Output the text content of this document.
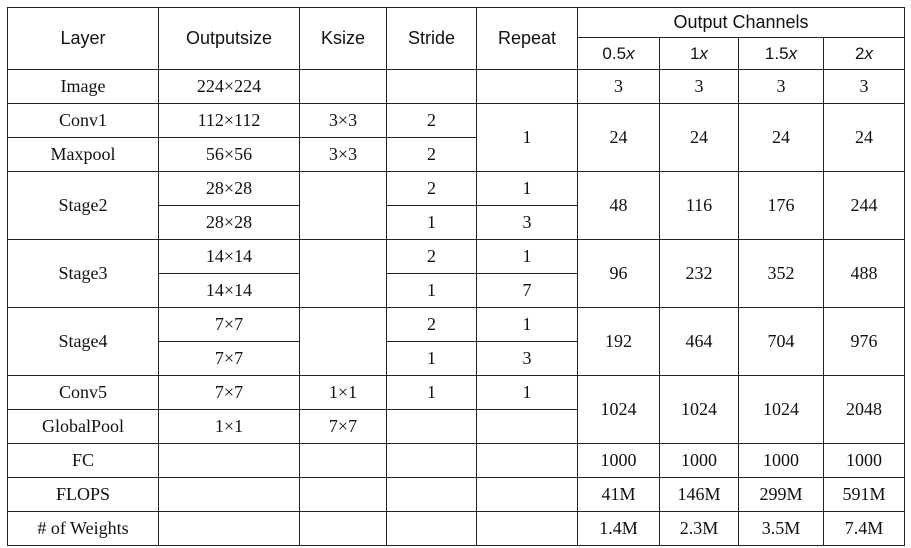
Layer	Outputsize	Ksize	Stride	Repeat	Output Channels			
					0.5x	1x	1.5x	2x
Image	224×224				3	3	3	3
Conv1	112×112	3×3	2	1	24	24	24	24
Maxpool	56×56	3×3	2					
Stage2	28×28		2	1	48	116	176	244
	28×28		1	3				
Stage3	14×14		2	1	96	232	352	488
	14×14		1	7				
Stage4	7×7		2	1	192	464	704	976
	7×7		1	3				
Conv5	7×7	1×1	1	1	1024	1024	1024	2048
GlobalPool	1×1	7×7						
FC					1000	1000	1000	1000
FLOPS					41M	146M	299M	591M
# of Weights					1.4M	2.3M	3.5M	7.4M
